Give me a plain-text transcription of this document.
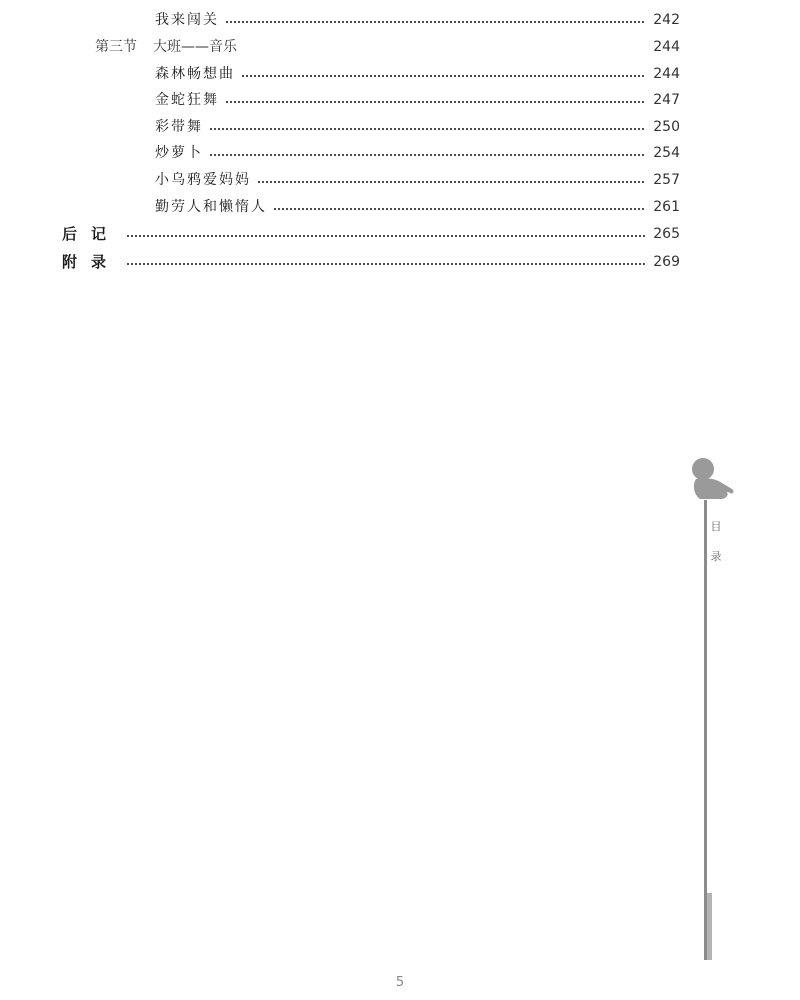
我来闯关	242
第三节 大班——音乐	244
森林畅想曲	244
金蛇狂舞	247
彩带舞	250
炒萝卜	254
小乌鸦爱妈妈	257
勤劳人和懒惰人	261
后记	265
附录	269
目
录
5
